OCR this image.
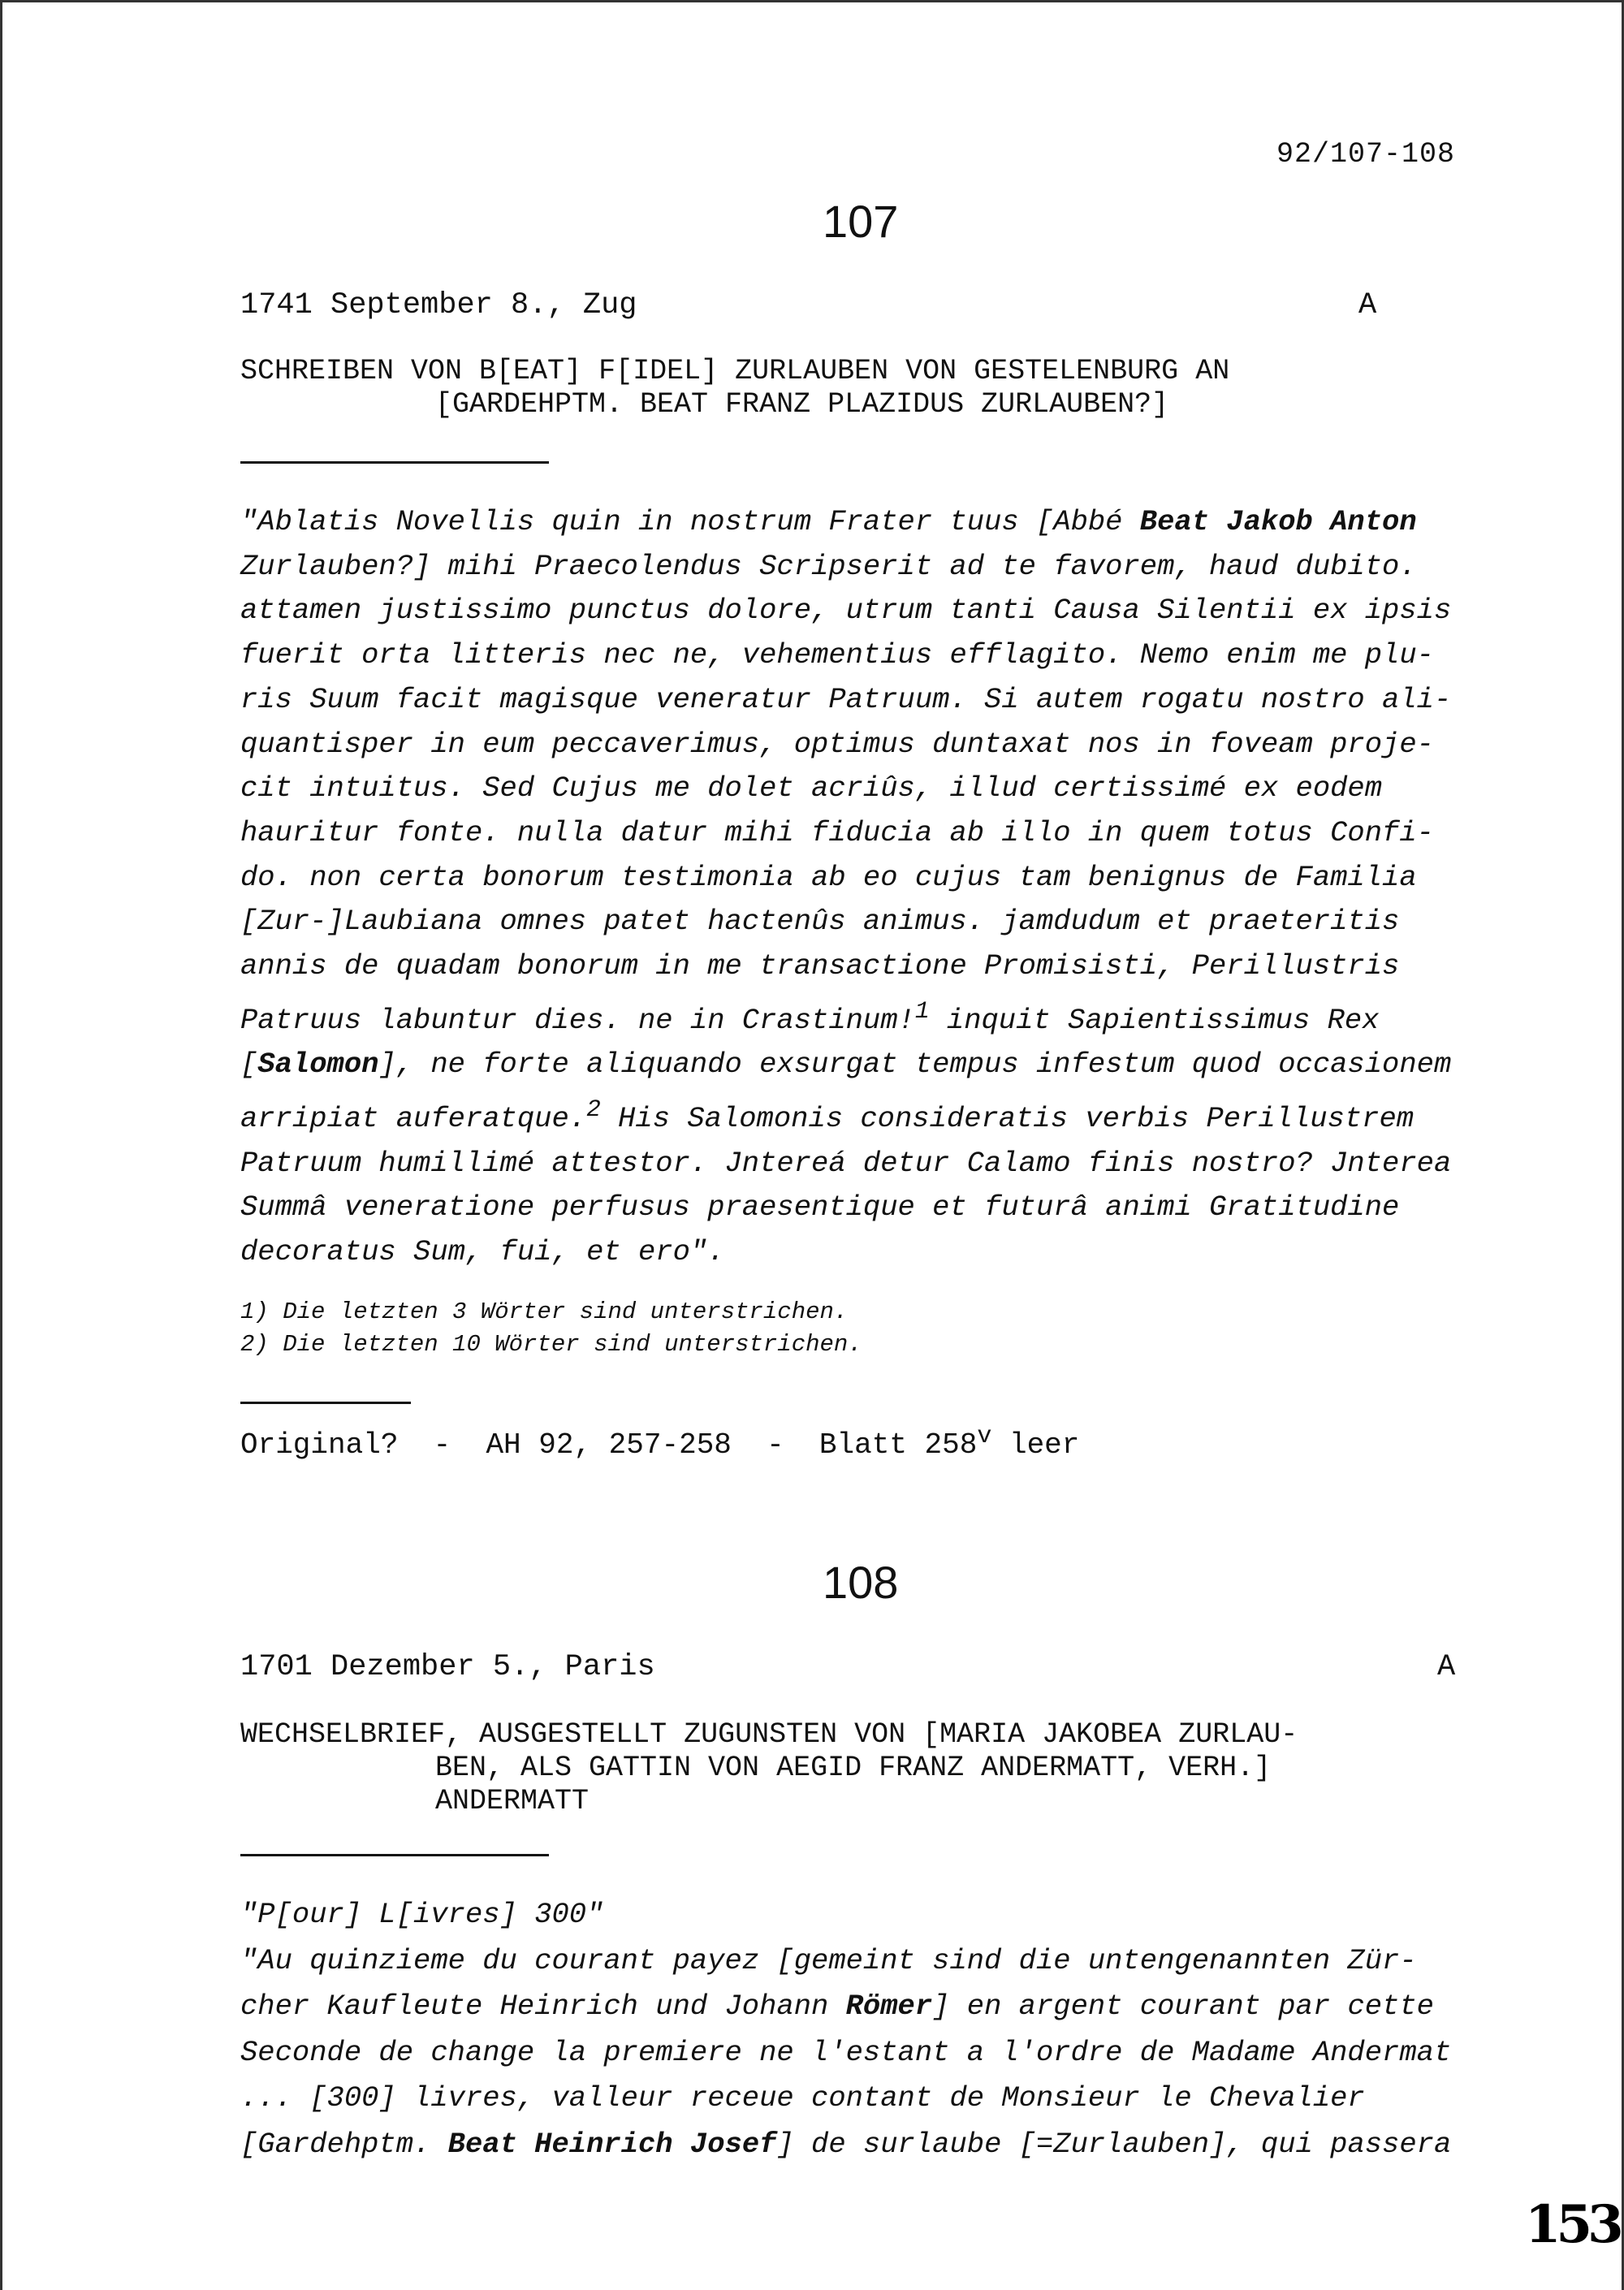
92/107-108
107
1741 September 8., Zug	A
SCHREIBEN VON B[EAT] F[IDEL] ZURLAUBEN VON GESTELENBURG AN
[GARDEHPTM. BEAT FRANZ PLAZIDUS ZURLAUBEN?]
"Ablatis Novellis quin in nostrum Frater tuus [Abbé Beat Jakob Anton
Zurlauben?] mihi Praecolendus Scripserit ad te favorem, haud dubito.
attamen justissimo punctus dolore, utrum tanti Causa Silentii ex ipsis
fuerit orta litteris nec ne, vehementius efflagito. Nemo enim me plu-
ris Suum facit magisque veneratur Patruum. Si autem rogatu nostro ali-
quantisper in eum peccaverimus, optimus duntaxat nos in foveam proje-
cit intuitus. Sed Cujus me dolet acriûs, illud certissimé ex eodem
hauritur fonte. nulla datur mihi fiducia ab illo in quem totus Confi-
do. non certa bonorum testimonia ab eo cujus tam benignus de Familia
[Zur-]Laubiana omnes patet hactenûs animus. jamdudum et praeteritis
annis de quadam bonorum in me transactione Promisisti, Perillustris
Patruus labuntur dies. ne in Crastinum!$^1$ inquit Sapientissimus Rex
[Salomon], ne forte aliquando exsurgat tempus infestum quod occasionem
arripiat auferatque.$^2$ His Salomonis consideratis verbis Perillustrem
Patruum humillimé attestor. Jntereá detur Calamo finis nostro? Jnterea
Summâ veneratione perfusus praesentique et futurâ animi Gratitudine
decoratus Sum, fui, et ero".
1) Die letzten 3 Wörter sind unterstrichen.
2) Die letzten 10 Wörter sind unterstrichen.
Original?  -  AH 92, 257-258  -  Blatt 258$^v$ leer
108
1701 Dezember 5., Paris	A
WECHSELBRIEF, AUSGESTELLT ZUGUNSTEN VON [MARIA JAKOBEA ZURLAU-
BEN, ALS GATTIN VON AEGID FRANZ ANDERMATT, VERH.]
ANDERMATT
"P[our] L[ivres] 300"
"Au quinzieme du courant payez [gemeint sind die untengenannten Zür-
cher Kaufleute Heinrich und Johann Römer] en argent courant par cette
Seconde de change la premiere ne l'estant a l'ordre de Madame Andermat
... [300] livres, valleur receue contant de Monsieur le Chevalier
[Gardehptm. Beat Heinrich Josef] de surlaube [=Zurlauben], qui passera
153
